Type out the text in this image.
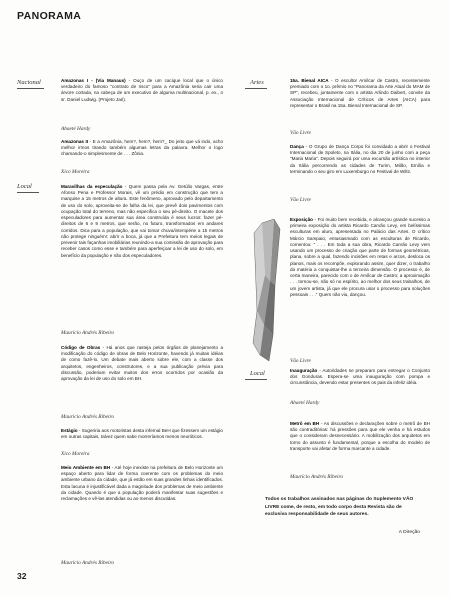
PANORAMA
Nacional
Local
Artes
Local
Amazonas I - (Via Manaus) - Ouço de um cacique local que o único verdadeiro do famoso "contrato de risco" para a Amazônia seria cair uma árvore cortada, na cabeça de um executivo de alguma multinacional, p. ex., o sr. Daniel Ludwig. (Projeto Jari).
Abaeté Hardy
Amazonas II - E a Amazônia, hem?, hem?, hem?_ Do jeito que vá indo, acho melhor irmos tirando também algumas letras da palavra. Melhor o logo chamando-o simplesmente de . . . Zônia.
Xico Moreira
Maravilhas da especulação - Quem passa pela Av. Getúlio Vargas, entre Afonso Pena e Professor Morais, vê um prédio em construção que tem a marquise a 15 metros de altura. Este fenômeno, aprovado pelo departamento de uso do solo, aproveita-se de falha da lei, que prevê dois pavimentos com ocupação total do terreno, mas não especifica o seu pé-direito. O macete dos especuladores para aumentar sua área construída é seus lucros: fazer pé-direitos de 6 e 9 metros, que serão, no futuro, transformados em andares corridos. Dica para a população, que vai tomar chuva/intempérie a 15 metros não protege ninguém!: abrir a boca, já que a Prefeitura tem meios legais de prevenir tais façanhas imobiliárias reunindo-a sua comissão de aprovação para receber casos como esse e também para aperfeiçoar a lei de uso do solo, em benefício da população e não dos especuladores.
Maurício Andrés Ribeiro
Código de Obras - Há anos que rasteja pelos órgãos de planejamento a modificação do código de obras de Belo Horizonte, havendo já muitas idéias de como fazê-lo. Um debate mais aberto sobre ele, com a classe dos arquitetos, engenheiros, construtores, e a sua publicação prévia para discussão, poderiam evitar muitos dos erros ocorridos por ocasião da aprovação da lei de uso do solo em BH.
Maurício Andrés Ribeiro
Estágio - Sugeriria aos motoristas desta infernal BeH que fizessem um estágio em outras capitais, talvez quem sabe morreríamos menos neuróticos.
Xico Moreira
Meio Ambiente em BH - Até hoje inexiste na prefeitura de Belo Horizonte um espaço aberto para lidar de forma coerente com os problemas do meio ambiente urbano da cidade, que já estão em suas grandes linhas identificados. Esta lacuna é injustificável dada a magnitude dos problemas de meio ambiente da cidade. Quando é que a população poderá manifestar suas sugestões e reclamações e vê-las atendidas ou ao menos discutidas.
Maurício Andrés Ribeiro
15a. Bienal AICA - O escultor Amílcar de Castro, recentemente premiado com o 1o. prêmio no "Panorama da Arte Atual do MAM de SP", recebeu, juntamente com o artista Arlindo Daibert, convite da Associação Internacional de Críticos de Artes (AICA) para representar o Brasil na 15a. Bienal Internacional de SP.
Vão Livre
Dança - O Grupo de Dança Corpo foi convidado a abrir o Festival Internacional de Spoleto, na Itália, no dia 20 de junho com a peça "Maria Maria". Depois seguirá por uma excursão artística no interior da Itália percorrendo as cidades de Turim, Milão, Emília e terminando o seu giro em Luxemburgo no Festival de Wiltz.
Vão Livre
Exposição - Foi muito bem recebida, e alcançou grande sucesso a primeira exposição do artista Ricardo Carvão Levy, em belíssimas esculturas em aluro, apresentada no Palácio das Artes. O crítico Márcio Sampaio, entusiasmado com as esculturas de Ricardo, comentou: " . . . Em toda a sua obra, Ricardo Carvão Levy vem usando um processo de criação que parte de formas geométricas, plana, sobre a qual, fazendo incisões em retas e arcos, desloca os planos, mais os recompõe, explorando assim, quer dizer, o trabalho da matéria a conquistar-lhe a terceira dimensão. O processo é, de certa maneira, parecido com o de Amílcar de Castro; a aproximação . . . tornou-se, não só no espírito, ao melhor dos seus trabalhos, de um jovem artista, já que ele procura usar o processo para soluções pessoais . . ." Quem não viu, dançou.
Vão Livre
Inauguração - Autoridades se preparam para entregar o Conjunto dos Gonduras. Espera-se uma inauguração com pompa e circunstância, devendo estar presentes os pais da infeliz idéia.
Abaeté Hardy
Metrô em BH - As discussões e declarações sobre o metrô de BH são contraditórias: há pressões para que ele venha e há estudos que o consideram desnecessário. A mobilização dos arquitetos em torno do assunto é fundamental, porque a escolha do modelo de transporte vai afetar de forma marcante a cidade.
Maurício Andrés Ribeiro
Todos os trabalhos assinados nas páginas do Suplemento VÃO LIVRE come, de resto, em todo corpo desta Revista são de exclusiva responsabilidade de seus autores.
A Direção
32
